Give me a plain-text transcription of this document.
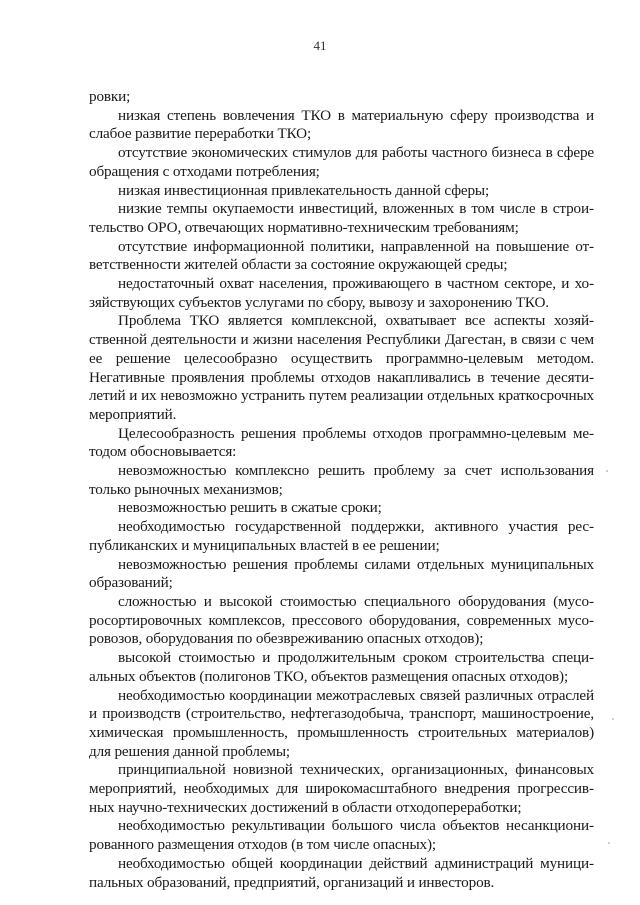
41

ровки;

низкая степень вовлечения ТКО в материальную сферу производства и слабое развитие переработки ТКО;

отсутствие экономических стимулов для работы частного бизнеса в сфере обращения с отходами потребления;

низкая инвестиционная привлекательность данной сферы;

низкие темпы окупаемости инвестиций, вложенных в том числе в строительство ОРО, отвечающих нормативно-техническим требованиям;

отсутствие информационной политики, направленной на повышение ответственности жителей области за состояние окружающей среды;

недостаточный охват населения, проживающего в частном секторе, и хозяйствующих субъектов услугами по сбору, вывозу и захоронению ТКО.

Проблема ТКО является комплексной, охватывает все аспекты хозяйственной деятельности и жизни населения Республики Дагестан, в связи с чем ее решение целесообразно осуществить программно-целевым методом. Негативные проявления проблемы отходов накапливались в течение десятилетий и их невозможно устранить путем реализации отдельных краткосрочных мероприятий.

Целесообразность решения проблемы отходов программно-целевым методом обосновывается:

невозможностью комплексно решить проблему за счет использования только рыночных механизмов;

невозможностью решить в сжатые сроки;

необходимостью государственной поддержки, активного участия республиканских и муниципальных властей в ее решении;

невозможностью решения проблемы силами отдельных муниципальных образований;

сложностью и высокой стоимостью специального оборудования (мусоросортировочных комплексов, прессового оборудования, современных мусоровозов, оборудования по обезвреживанию опасных отходов);

высокой стоимостью и продолжительным сроком строительства специальных объектов (полигонов ТКО, объектов размещения опасных отходов);

необходимостью координации межотраслевых связей различных отраслей и производств (строительство, нефтегазодобыча, транспорт, машиностроение, химическая промышленность, промышленность строительных материалов) для решения данной проблемы;

принципиальной новизной технических, организационных, финансовых мероприятий, необходимых для широкомасштабного внедрения прогрессивных научно-технических достижений в области отходопереработки;

необходимостью рекультивации большого числа объектов несанкционированного размещения отходов (в том числе опасных);

необходимостью общей координации действий администраций муниципальных образований, предприятий, организаций и инвесторов.
